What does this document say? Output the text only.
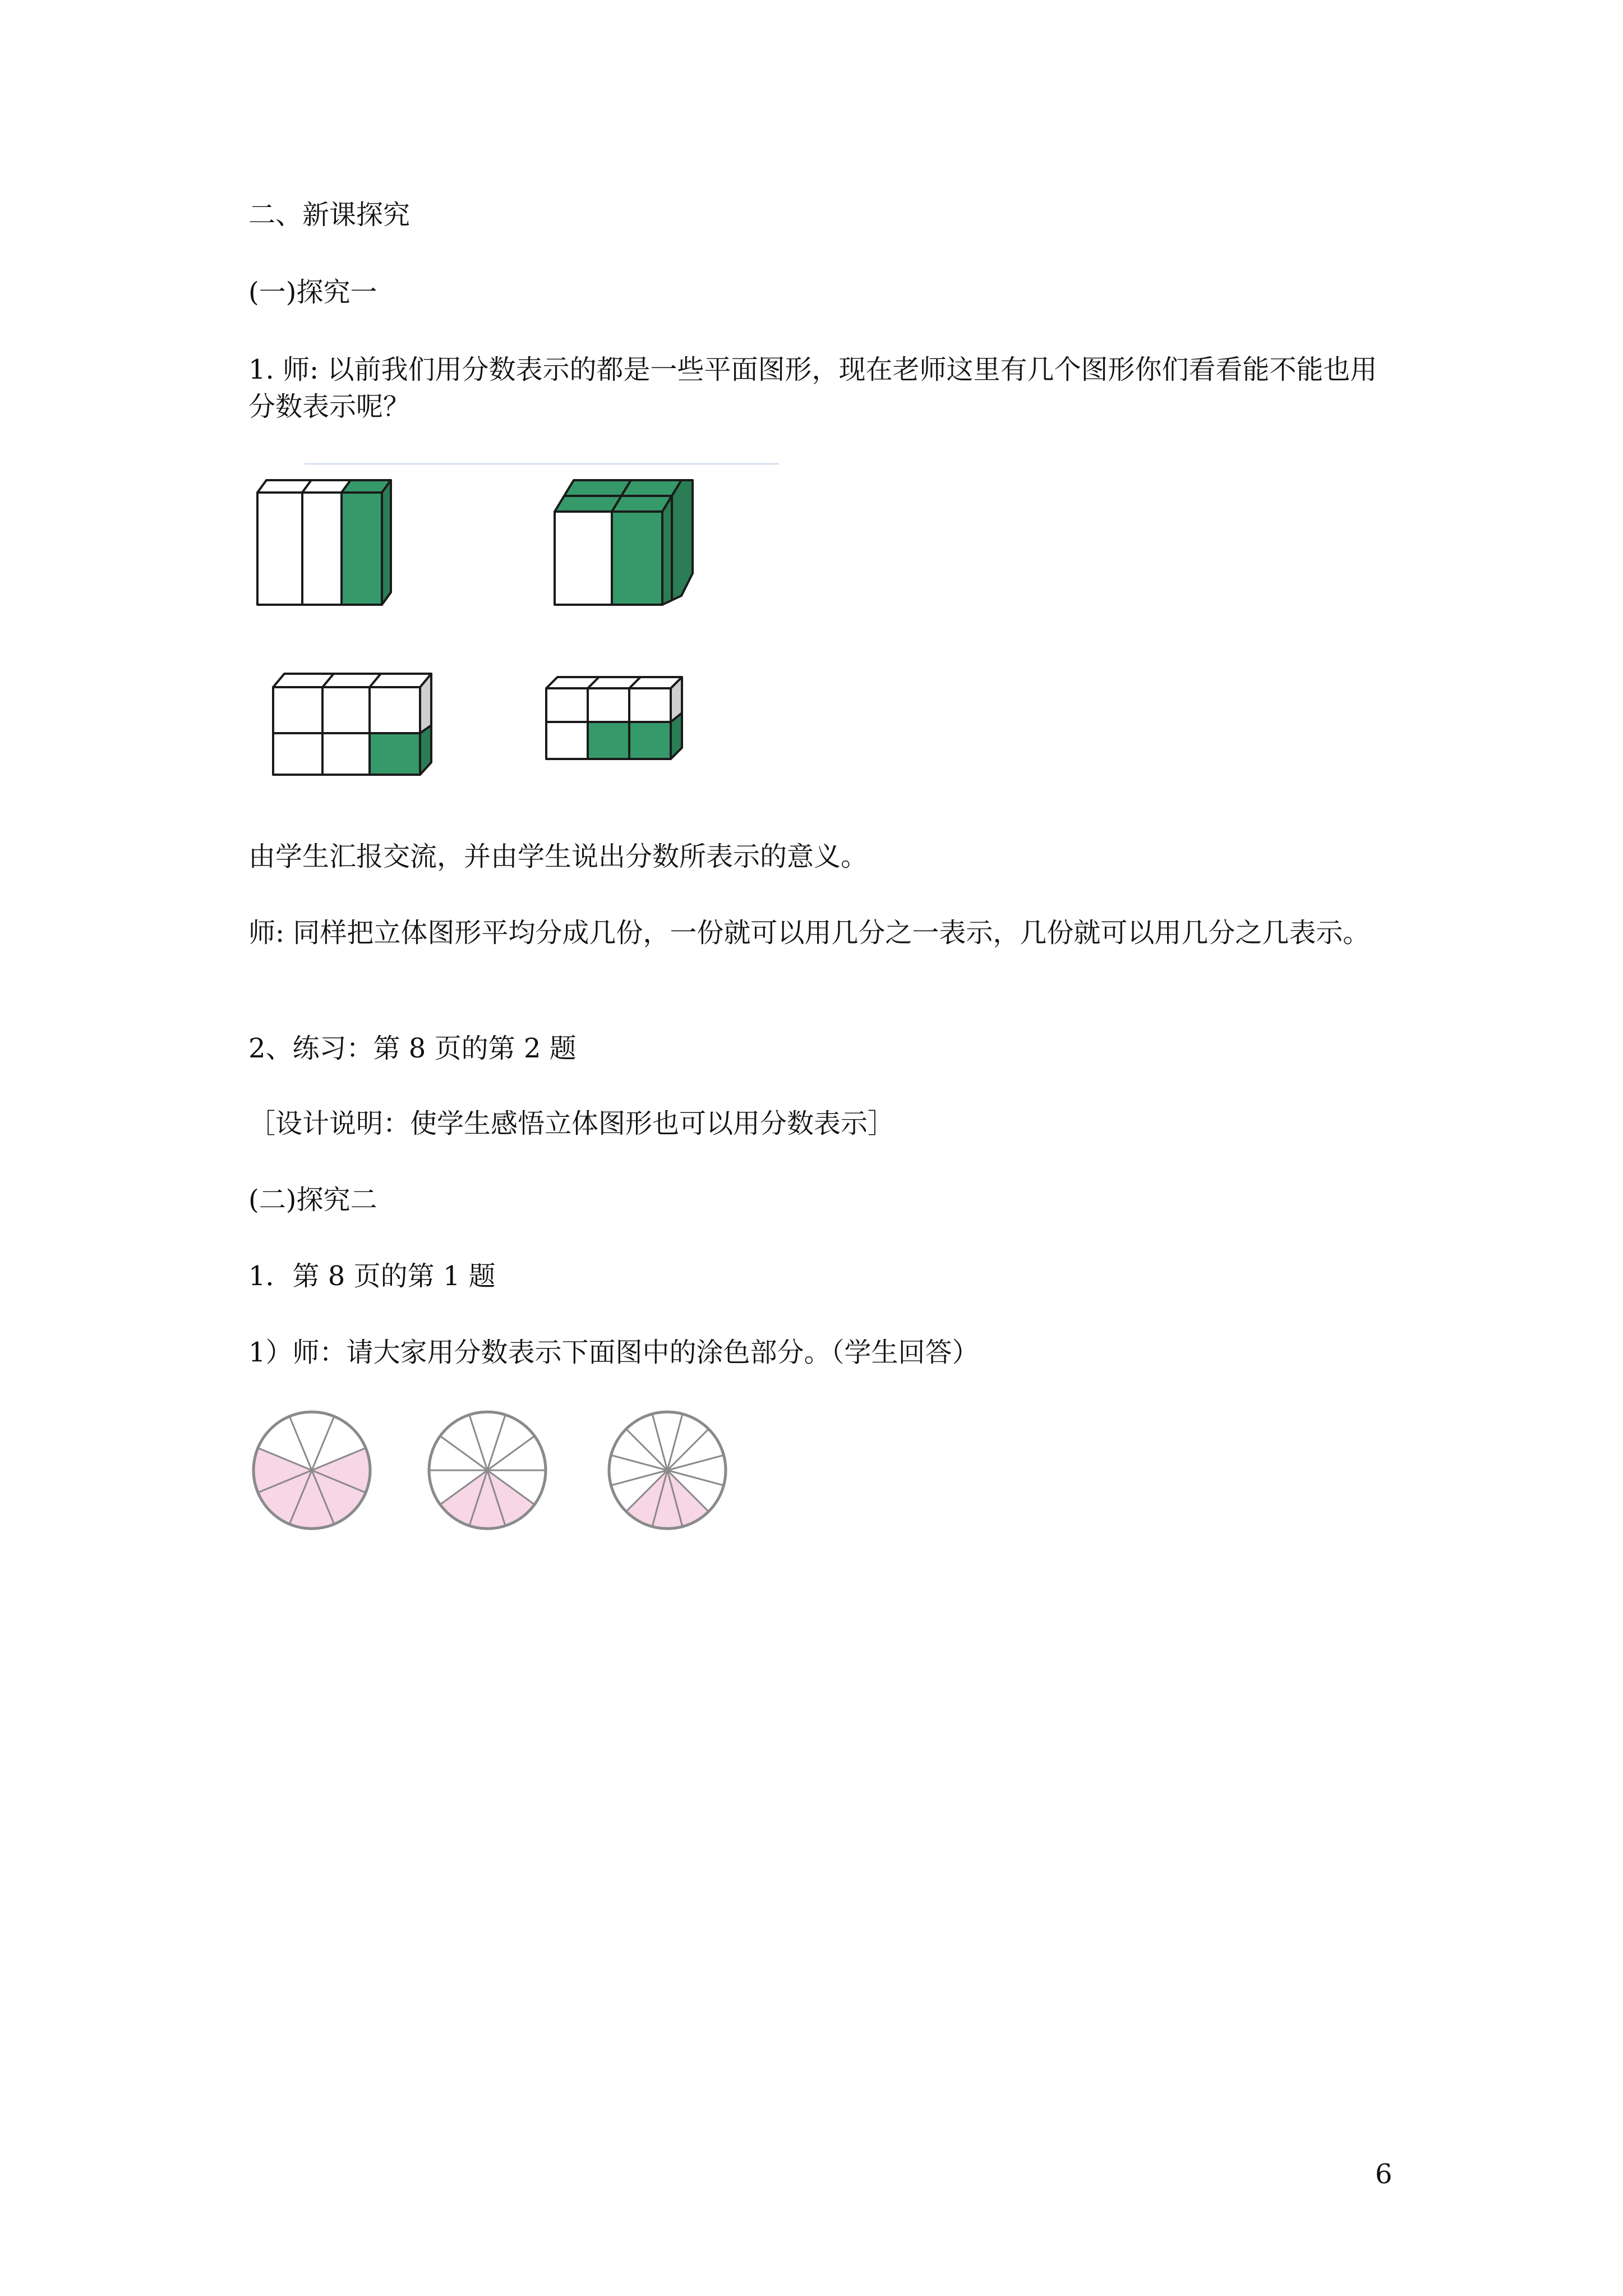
二、新课探究
(一)探究一
1. 师: 以前我们用分数表示的都是一些平面图形，现在老师这里有几个图形你们看看能不能也用分数表示呢？
由学生汇报交流，并由学生说出分数所表示的意义。
师: 同样把立体图形平均分成几份，一份就可以用几分之一表示，几份就可以用几分之几表示。
2、练习：第 8 页的第 2 题
［设计说明：使学生感悟立体图形也可以用分数表示］
(二)探究二
1．第 8 页的第 1 题
1）师：请大家用分数表示下面图中的涂色部分。（学生回答）
6
